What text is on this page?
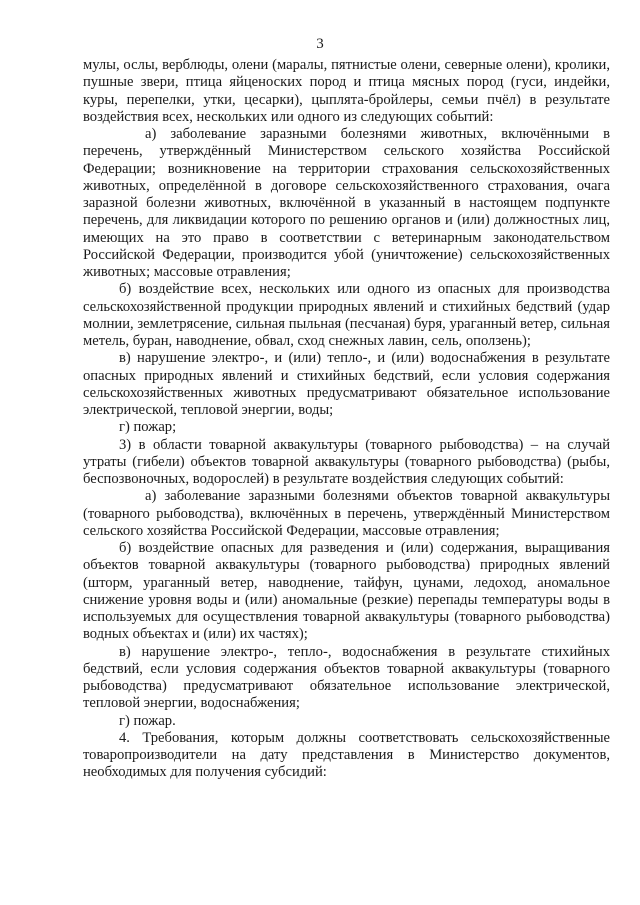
3

мулы, ослы, верблюды, олени (маралы, пятнистые олени, северные олени), кролики, пушные звери, птица яйценоских пород и птица мясных пород (гуси, индейки, куры, перепелки, утки, цесарки), цыплята-бройлеры, семьи пчёл) в результате воздействия всех, нескольких или одного из следующих событий:

а) заболевание заразными болезнями животных, включёнными в перечень, утверждённый Министерством сельского хозяйства Российской Федерации; возникновение на территории страхования сельскохозяйственных животных, определённой в договоре сельскохозяйственного страхования, очага заразной болезни животных, включённой в указанный в настоящем подпункте перечень, для ликвидации которого по решению органов и (или) должностных лиц, имеющих на это право в соответствии с ветеринарным законодательством Российской Федерации, производится убой (уничтожение) сельскохозяйственных животных; массовые отравления;

б) воздействие всех, нескольких или одного из опасных для производства сельскохозяйственной продукции природных явлений и стихийных бедствий (удар молнии, землетрясение, сильная пыльная (песчаная) буря, ураганный ветер, сильная метель, буран, наводнение, обвал, сход снежных лавин, сель, оползень);

в) нарушение электро-, и (или) тепло-, и (или) водоснабжения в результате опасных природных явлений и стихийных бедствий, если условия содержания сельскохозяйственных животных предусматривают обязательное использование электрической, тепловой энергии, воды;

г) пожар;

3) в области товарной аквакультуры (товарного рыбоводства) – на случай утраты (гибели) объектов товарной аквакультуры (товарного рыбоводства) (рыбы, беспозвоночных, водорослей) в результате воздействия следующих событий:

а) заболевание заразными болезнями объектов товарной аквакультуры (товарного рыбоводства), включённых в перечень, утверждённый Министерством сельского хозяйства Российской Федерации, массовые отравления;

б) воздействие опасных для разведения и (или) содержания, выращивания объектов товарной аквакультуры (товарного рыбоводства) природных явлений (шторм, ураганный ветер, наводнение, тайфун, цунами, ледоход, аномальное снижение уровня воды и (или) аномальные (резкие) перепады температуры воды в используемых для осуществления товарной аквакультуры (товарного рыбоводства) водных объектах и (или) их частях);

в) нарушение электро-, тепло-, водоснабжения в результате стихийных бедствий, если условия содержания объектов товарной аквакультуры (товарного рыбоводства) предусматривают обязательное использование электрической, тепловой энергии, водоснабжения;

г) пожар.

4. Требования, которым должны соответствовать сельскохозяйственные товаропроизводители на дату представления в Министерство документов, необходимых для получения субсидий:
